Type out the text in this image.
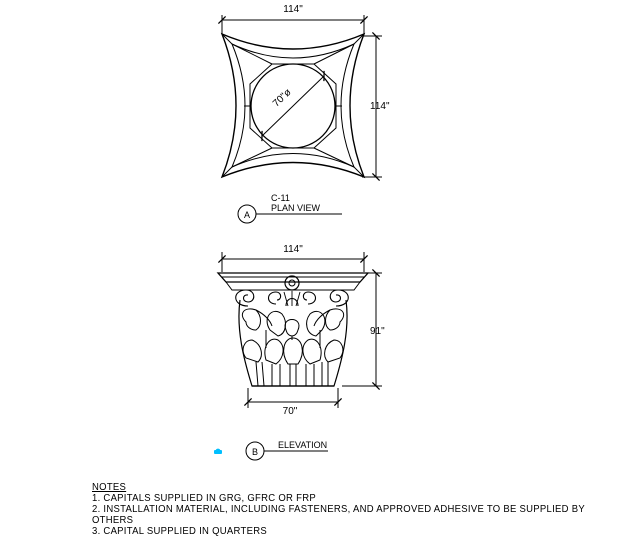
114"
114"
70"ø
A
C-11
PLAN VIEW
114"
91"
70"
B
ELEVATION
NOTES
1. CAPITALS SUPPLIED IN GRG, GFRC OR FRP
2. INSTALLATION MATERIAL, INCLUDING FASTENERS, AND APPROVED ADHESIVE TO BE SUPPLIED BY OTHERS
3. CAPITAL SUPPLIED IN QUARTERS
